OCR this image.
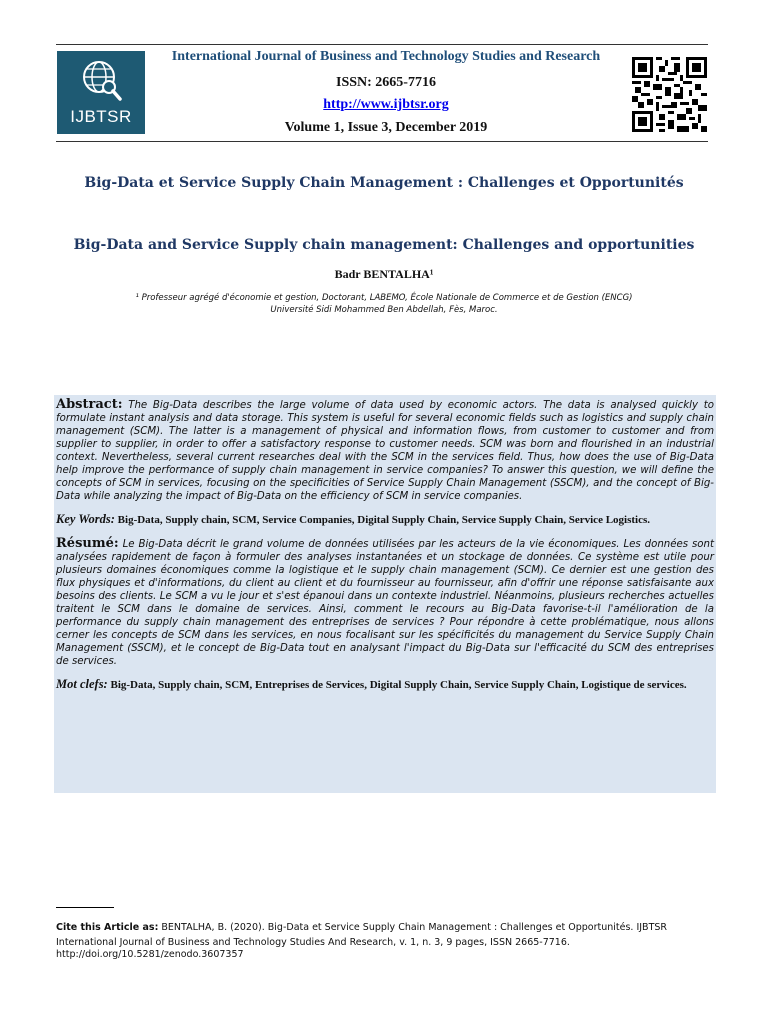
IJBTSR
International Journal of Business and Technology Studies and Research
ISSN: 2665-7716
http://www.ijbtsr.org
Volume 1, Issue 3, December 2019
Big-Data et Service Supply Chain Management : Challenges et Opportunités
Big-Data and Service Supply chain management: Challenges and opportunities
Badr BENTALHA¹
¹ Professeur agrégé d'économie et gestion, Doctorant, LABEMO, École Nationale de Commerce et de Gestion (ENCG)
Université Sidi Mohammed Ben Abdellah, Fès, Maroc.

Abstract: The Big-Data describes the large volume of data used by economic actors. The data is analysed quickly to formulate instant analysis and data storage. This system is useful for several economic fields such as logistics and supply chain management (SCM). The latter is a management of physical and information flows, from customer to customer and from supplier to supplier, in order to offer a satisfactory response to customer needs. SCM was born and flourished in an industrial context. Nevertheless, several current researches deal with the SCM in the services field. Thus, how does the use of Big-Data help improve the performance of supply chain management in service companies? To answer this question, we will define the concepts of SCM in services, focusing on the specificities of Service Supply Chain Management (SSCM), and the concept of Big-Data while analyzing the impact of Big-Data on the efficiency of SCM in service companies.

Key Words: Big-Data, Supply chain, SCM, Service Companies, Digital Supply Chain, Service Supply Chain, Service Logistics.

Résumé: Le Big-Data décrit le grand volume de données utilisées par les acteurs de la vie économiques. Les données sont analysées rapidement de façon à formuler des analyses instantanées et un stockage de données. Ce système est utile pour plusieurs domaines économiques comme la logistique et le supply chain management (SCM). Ce dernier est une gestion des flux physiques et d'informations, du client au client et du fournisseur au fournisseur, afin d'offrir une réponse satisfaisante aux besoins des clients. Le SCM a vu le jour et s'est épanoui dans un contexte industriel. Néanmoins, plusieurs recherches actuelles traitent le SCM dans le domaine de services. Ainsi, comment le recours au Big-Data favorise-t-il l'amélioration de la performance du supply chain management des entreprises de services ? Pour répondre à cette problématique, nous allons cerner les concepts de SCM dans les services, en nous focalisant sur les spécificités du management du Service Supply Chain Management (SSCM), et le concept de Big-Data tout en analysant l'impact du Big-Data sur l'efficacité du SCM des entreprises de services.

Mot clefs: Big-Data, Supply chain, SCM, Entreprises de Services, Digital Supply Chain, Service Supply Chain, Logistique de services.

Cite this Article as: BENTALHA, B. (2020). Big-Data et Service Supply Chain Management : Challenges et Opportunités. IJBTSR International Journal of Business and Technology Studies And Research, v. 1, n. 3, 9 pages, ISSN 2665-7716.
http://doi.org/10.5281/zenodo.3607357
